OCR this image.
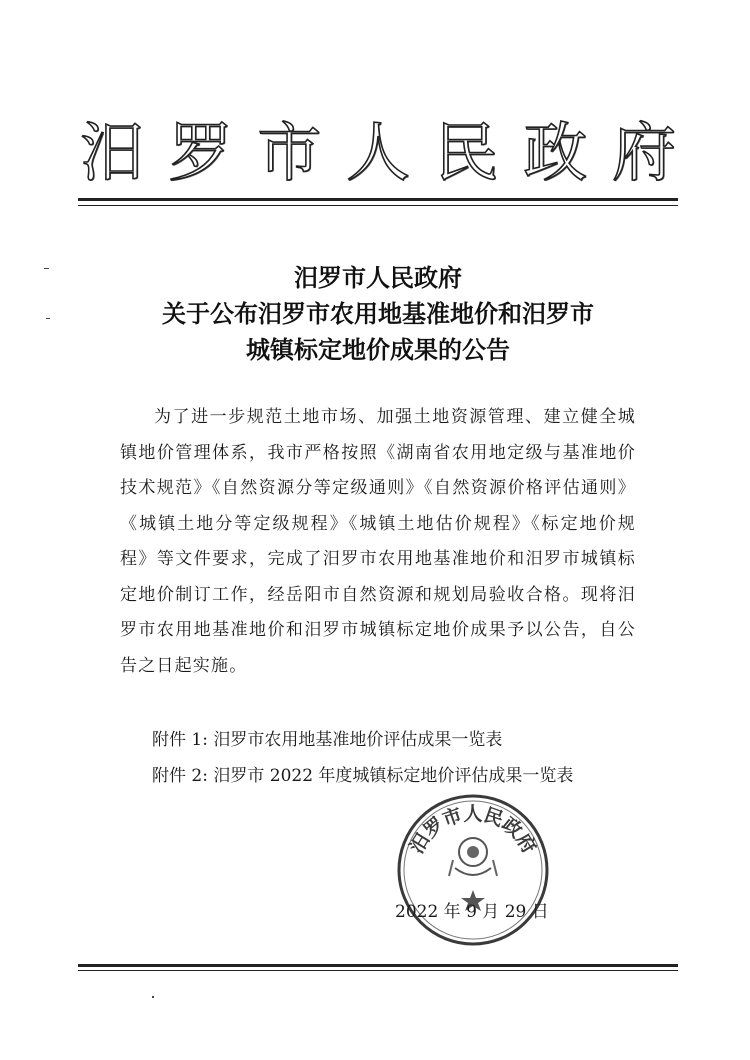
汨 罗 市 人 民 政 府
汨罗市人民政府
关于公布汨罗市农用地基准地价和汨罗市
城镇标定地价成果的公告
为了进一步规范土地市场、加强土地资源管理、建立健全城镇地价管理体系，我市严格按照《湖南省农用地定级与基准地价技术规范》《自然资源分等定级通则》《自然资源价格评估通则》《城镇土地分等定级规程》《城镇土地估价规程》《标定地价规程》等文件要求，完成了汨罗市农用地基准地价和汨罗市城镇标定地价制订工作，经岳阳市自然资源和规划局验收合格。现将汨罗市农用地基准地价和汨罗市城镇标定地价成果予以公告，自公告之日起实施。
附件 1: 汨罗市农用地基准地价评估成果一览表
附件 2: 汨罗市 2022 年度城镇标定地价评估成果一览表
汨罗市人民政府
2022 年 9 月 29 日
